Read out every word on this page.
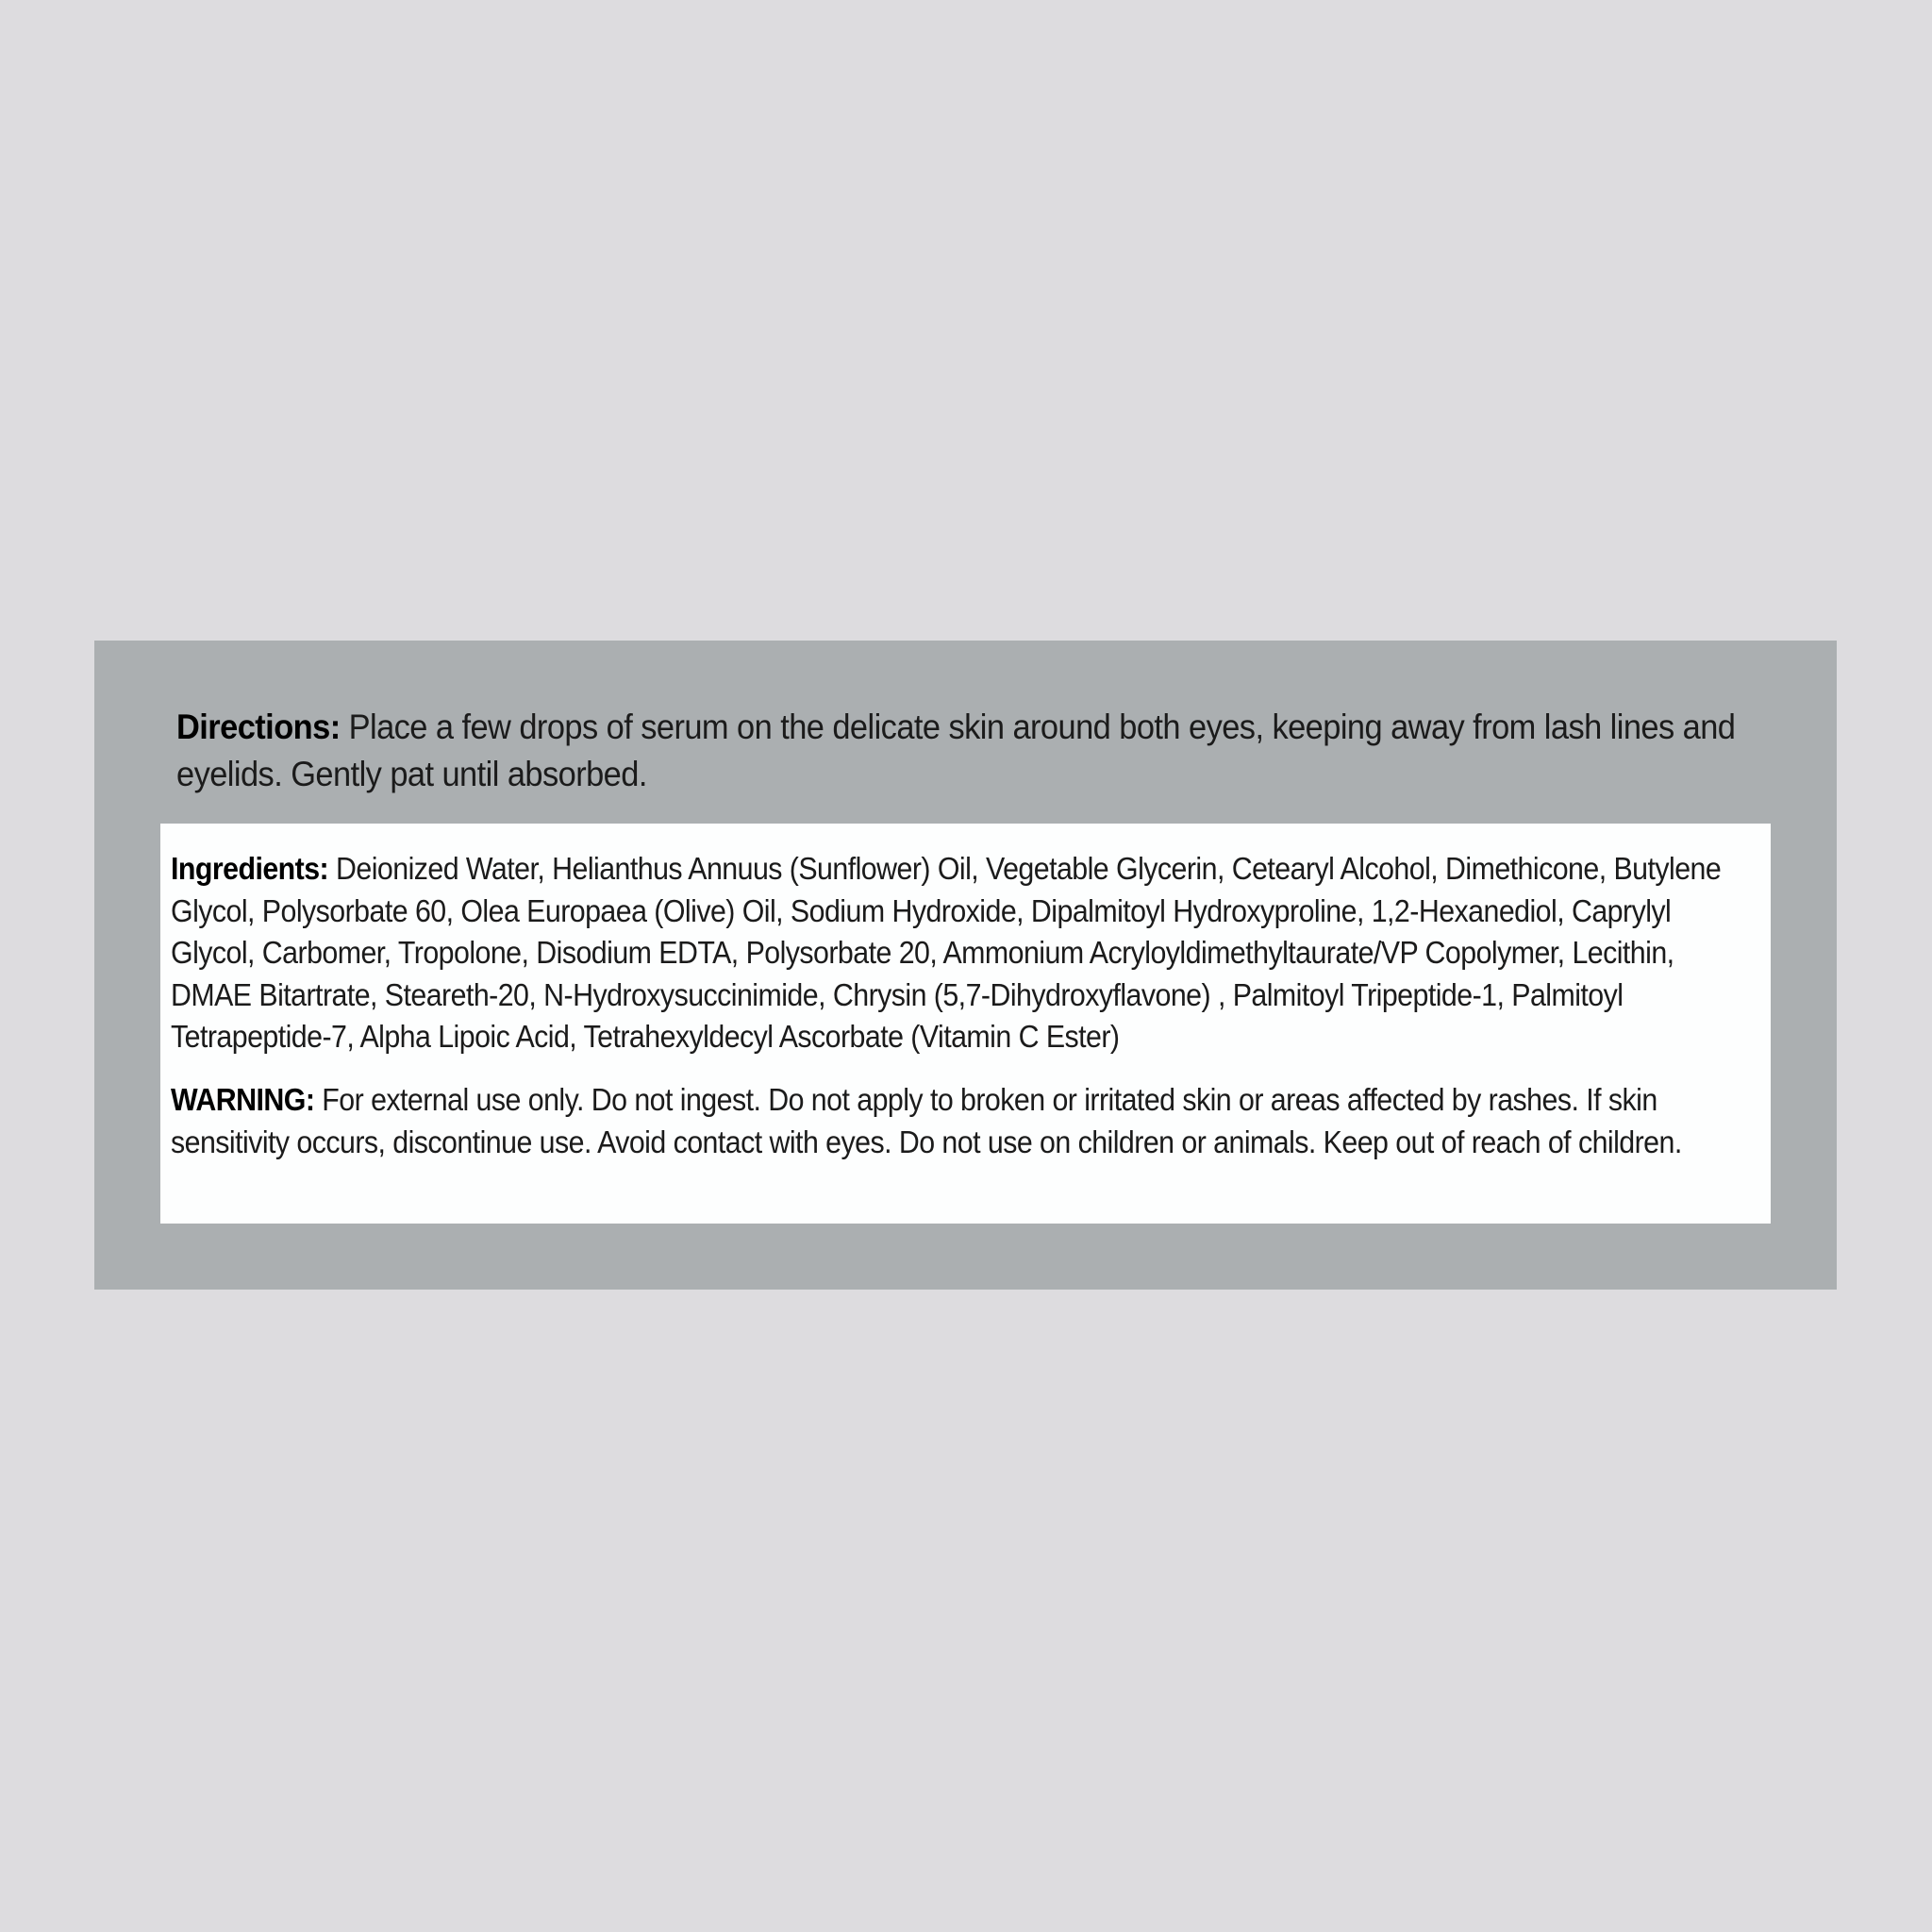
Directions: Place a few drops of serum on the delicate skin around both eyes, keeping away from lash lines and eyelids. Gently pat until absorbed.
Ingredients: Deionized Water, Helianthus Annuus (Sunflower) Oil, Vegetable Glycerin, Cetearyl Alcohol, Dimethicone, Butylene Glycol, Polysorbate 60, Olea Europaea (Olive) Oil, Sodium Hydroxide, Dipalmitoyl Hydroxyproline, 1,2-Hexanediol, Caprylyl Glycol, Carbomer, Tropolone, Disodium EDTA, Polysorbate 20, Ammonium Acryloyldimethyltaurate/VP Copolymer, Lecithin, DMAE Bitartrate, Steareth-20, N-Hydroxysuccinimide, Chrysin (5,7-Dihydroxyflavone) , Palmitoyl Tripeptide-1, Palmitoyl Tetrapeptide-7, Alpha Lipoic Acid, Tetrahexyldecyl Ascorbate (Vitamin C Ester)
WARNING: For external use only. Do not ingest. Do not apply to broken or irritated skin or areas affected by rashes. If skin sensitivity occurs, discontinue use. Avoid contact with eyes. Do not use on children or animals. Keep out of reach of children.
